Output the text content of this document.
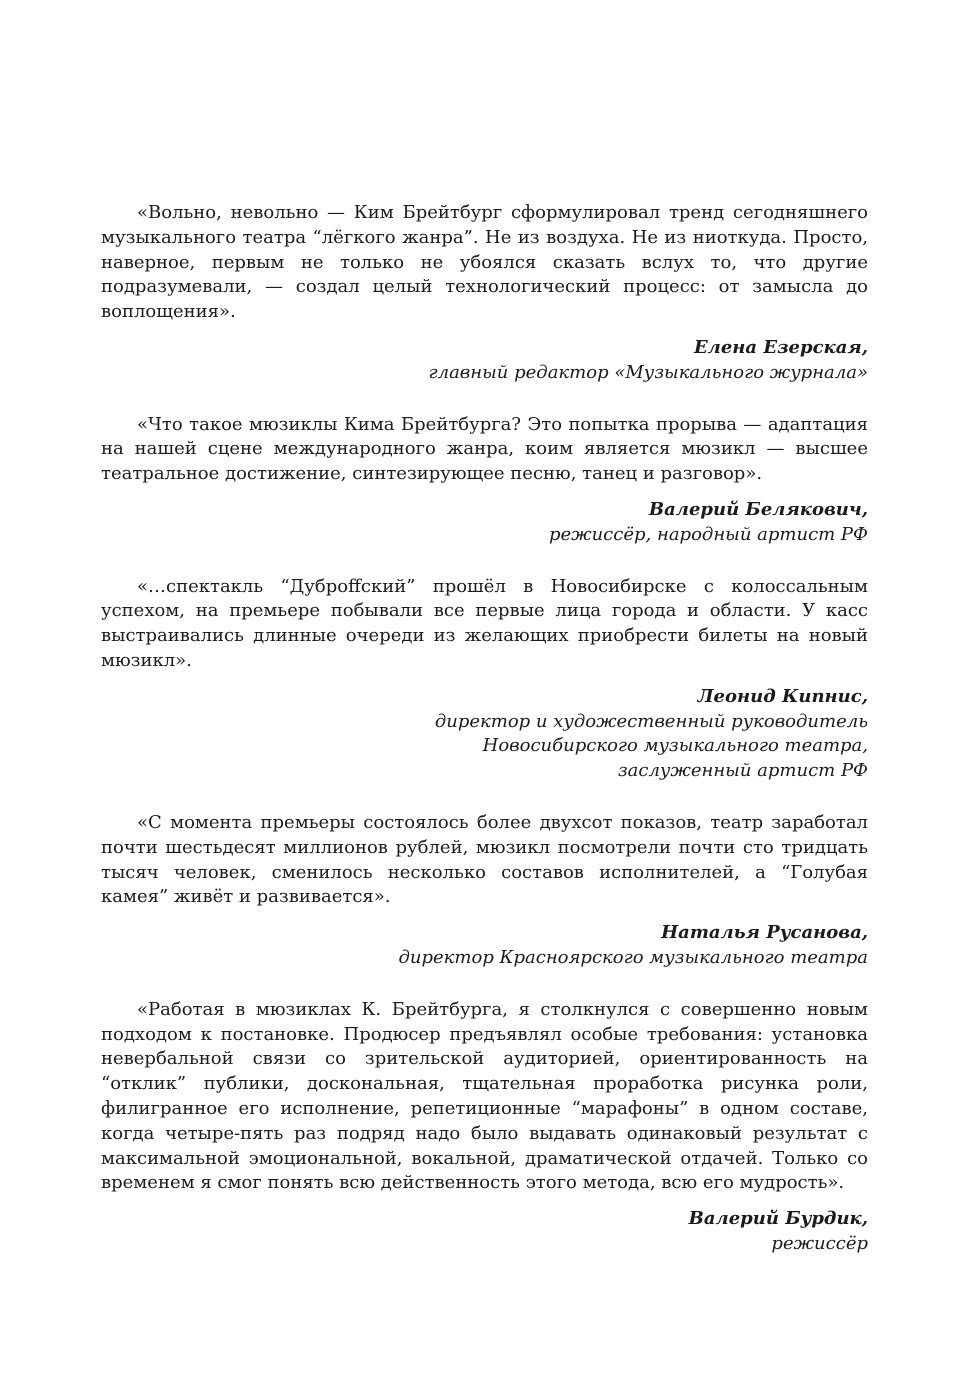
«Вольно, невольно — Ким Брейтбург сформулировал тренд сегодняшнего музыкального театра “лёгкого жанра”. Не из воздуха. Не из ниоткуда. Просто, наверное, первым не только не убоялся сказать вслух то, что другие подразумевали, — создал целый технологический процесс: от замысла до воплощения».

Елена Езерская,
главный редактор «Музыкального журнала»

«Что такое мюзиклы Кима Брейтбурга? Это попытка прорыва — адаптация на нашей сцене международного жанра, коим является мюзикл — высшее театральное достижение, синтезирующее песню, танец и разговор».

Валерий Белякович,
режиссёр, народный артист РФ

«…спектакль “Дубрoffский” прошёл в Новосибирске с колоссальным успехом, на премьере побывали все первые лица города и области. У касс выстраивались длинные очереди из желающих приобрести билеты на новый мюзикл».

Леонид Кипнис,
директор и художественный руководитель
Новосибирского музыкального театра,
заслуженный артист РФ

«С момента премьеры состоялось более двухсот показов, театр заработал почти шестьдесят миллионов рублей, мюзикл посмотрели почти сто тридцать тысяч человек, сменилось несколько составов исполнителей, а “Голубая камея” живёт и развивается».

Наталья Русанова,
директор Красноярского музыкального театра

«Работая в мюзиклах К. Брейтбурга, я столкнулся с совершенно новым подходом к постановке. Продюсер предъявлял особые требования: установка невербальной связи со зрительской аудиторией, ориентированность на “отклик” публики, доскональная, тщательная проработка рисунка роли, филигранное его исполнение, репетиционные “марафоны” в одном составе, когда четыре-пять раз подряд надо было выдавать одинаковый результат с максимальной эмоциональной, вокальной, драматической отдачей. Только со временем я смог понять всю действенность этого метода, всю его мудрость».

Валерий Бурдик,
режиссёр
